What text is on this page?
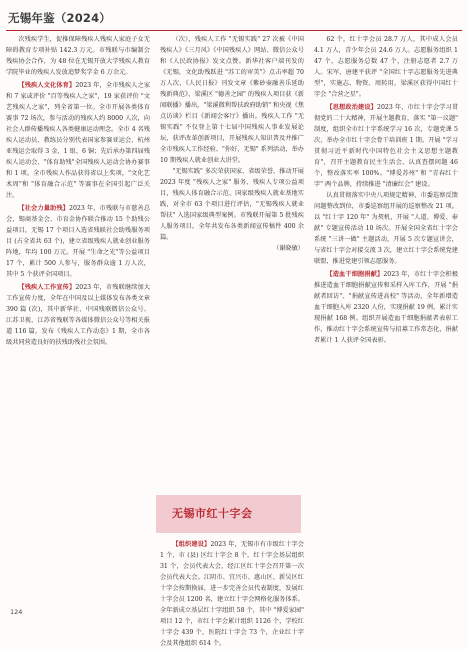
无锡年鉴（2024）

次残疾学生，促推保障残疾人残疾人家庭子女无障碍教育专项补贴 142.3 万元。市残联与市编制会残疾协会合作，为 48 位在无锡开放大学残疾人教育学院毕业的残疾人发放追梦奖学金 6 万余元。

【残疾人文化体育】2023 年，全市残疾人之家和 7 家或评价 "百等残疾人之家"，19 家获评价 "文艺残疾人之家"，列全省第一位。全市开展各类体育赛事 72 场次，参与活动的残疾人约 8000 人次，向社会人群传播残疾人各类健康运动理念。全市 4 名残疾人运动员、教练员分别代表国家参赛亚运会、杭州亚残运会取得 3 金、1 银、6 铜；先后承办第四届残疾人运动会、"体育助残"全国残疾人运动会协办赛事和 1 项。全市残疾人作品获得省以上奖项，"文化艺术周"和 "体育融合示范" 等赛事在全国引起广泛关注。

【社会力量助残】2023 年，市残联与市慈善总会、锡商基金会、市育金协作联合推动 15 个助残公益项目，无锡 17 个项目入选省残联社会助残服务项目 (占全省共 63 个)，建立省级残疾人就业创业服务阵地，年均 100 万元。开展 "生命之光"等公益项目 17 个，累计 500 人参与，服务群众逾 1 万人次，其中 5 个获评全国项目。

【残疾人工作宣传】2023 年，市残联继续加大工作宣传力度，全年在中国及以上媒体发布各类文章 390 篇 (次)，其中新华社、中国残联微信公众号、江苏卫视、江苏省残联等各媒体微信公众号等相关报道 116 篇，发布《残疾人工作动态》1 期，全市各级共同营造良好的扶残助残社会氛围。

（次），残疾人工作 "无锡实践" 27 次被《中国残疾人》《三月风》《中国残疾人》网站、微信公众号和《人民政协报》发文点赞。新华社客户端刊发的《无锡，文化助残跃进 "苏工的审美"》点击率超 70 万人次，《人民日报》刊发文章《紫砂壶融善乐延助残新典范》，梁溪区 "德善之园" 的残疾人项目获《新闻联播》播出，"梁溪微利帮扶政府助销" 和央视《焦点访谈》栏目《新闻会客厅》播出。残疾人工作 "无锡实践" 不仅登上第十七届中国残疾人事业发展论坛，获评改革创新项目，开展残疾人知识普及并推广全市残疾人工作经验、"你好，无锡" 系列活动，举办 10 期残疾人就业创业大讲堂。

"无锡实践" 多次荣获国家、省级荣誉，推动开展 2023 年度 "残疾人之家" 服务、残疾人专项公益项目，残疾人体育融合示范、国家级残疾人就业基地实践，对全市 63 个项目进行评估，"无锡残疾人就业帮扶" 入选国家级典型案例。市残联开展第 5 批残疾人服务项目，全年共发布各类新闻宣传稿件 400 余篇。

（谢晓敏）

【组织建设】2023 年，无锡市有市级红十字会 1 个，市 (县) 区红十字会 8 个，红十字会基层组织 31 个，会员代表大会，经江区红十字会召开第一次会员代表大会。江阴市、宜兴市、惠山区、新吴区红十字会按期换届，进一步完善会员代表制度，发展红十字会员 1200 名，建立红十字会网格化服务体系。全年新成立基层红十字组织 58 个，其中 "博爱家园" 项目 12 个，市红十字会累计组织 1126 个，学校红十字会 439 个，医院红十字会 73 个，企业红十字会及其他组织 614 个。

62 个，红十字会员 28.7 万人，其中成人会员 4.1 万人，青少年会员 24.6 万人。志愿服务组织 147 个，志愿服务总数 47 个，注册志愿者 2.7 万人。宋军、唐建平获评 "全国红十字志愿服务先进典型"，实施志、物资、周转用，梁溪区获得中国红十字会 "合营之星"。

【思想政治建设】2023 年，市红十字会学习贯彻党的二十大精神，开展主题教育，落实 "第一议题" 制度，组织全市红十字系统学习 16 次，专题党课 5 次，举办全市红十字会骨干培训班 1 期。开展 "学习贯彻习近平新时代中国特色社会主义思想主题教育"，召开主题教育民主生活会，认真查摆问题 46 个，整改落实率 100%。"博爱苏州" 和 "青春红十字" 两个品牌，持续推进 "清廉红会" 建设。

认真贯彻落实中央八项规定精神，市委巡察反馈问题整改到位，市委巡察组开展的巡察整改 21 项。以 "红十字 120 年" 为契机，开展 "人道、博爱、奉献" 专题宣传活动 10 场次。开展全国全省红十字会系统 "三讲一做" 主题活动，开展 5 次专题宣讲会，与省红十字会对接交流 3 次，建立红十字会系统党建联盟，推进党建引领志愿服务。

【造血干细胞捐献】2023 年，市红十字会积极推进造血干细胞捐献宣传和采样入库工作，开展 "捐献者回访"、"捐献宣传进高校" 等活动，全年新增造血干细胞入库 2320 人份，实现捐献 19 例，累计实现捐献 168 例。组织开展造血干细胞捐献者表彰工作，推动红十字会系统宣传与招募工作常态化，捐献者累计 1 人获评全国表彰。

无锡市红十字会
124
